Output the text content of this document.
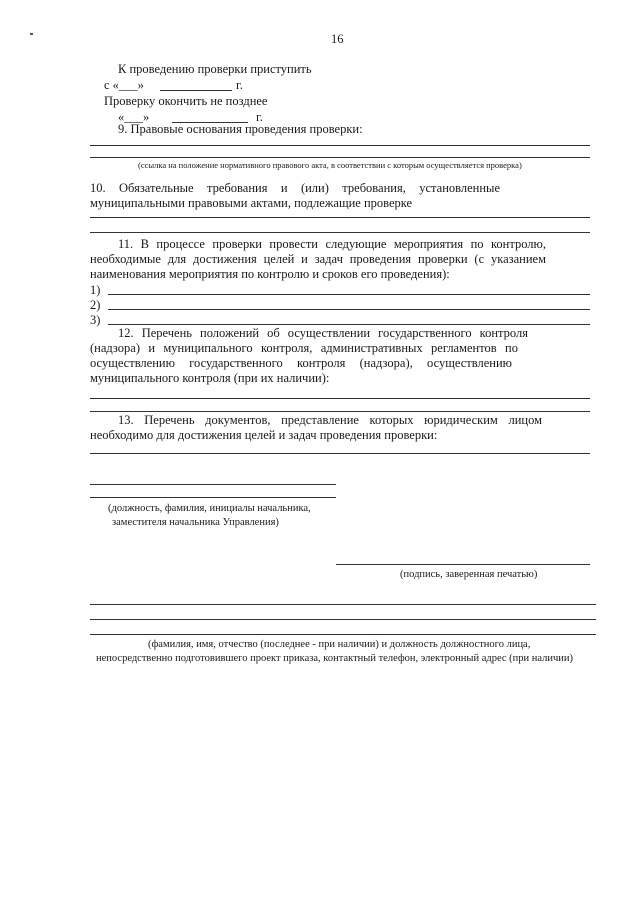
16
К проведению проверки приступить
с «___»	г.
Проверку окончить не позднее
«___»	г.
9. Правовые основания проведения проверки:
(ссылка на положение нормативного правового акта, в соответствии с которым осуществляется проверка)
10. Обязательные требования и (или) требования, установленные
муниципальными правовыми актами, подлежащие проверке
11. В процессе проверки провести следующие мероприятия по контролю,
необходимые для достижения целей и задач проведения проверки (с указанием
наименования мероприятия по контролю и сроков его проведения):
1)
2)
3)
12. Перечень положений об осуществлении государственного контроля
(надзора) и муниципального контроля, административных регламентов по
осуществлению государственного контроля (надзора), осуществлению
муниципального контроля (при их наличии):
13. Перечень документов, представление которых юридическим лицом
необходимо для достижения целей и задач проведения проверки:
(должность, фамилия, инициалы начальника,
заместителя начальника Управления)
(подпись, заверенная печатью)
(фамилия, имя, отчество (последнее - при наличии) и должность должностного лица,
непосредственно подготовившего проект приказа, контактный телефон, электронный адрес (при наличии)
